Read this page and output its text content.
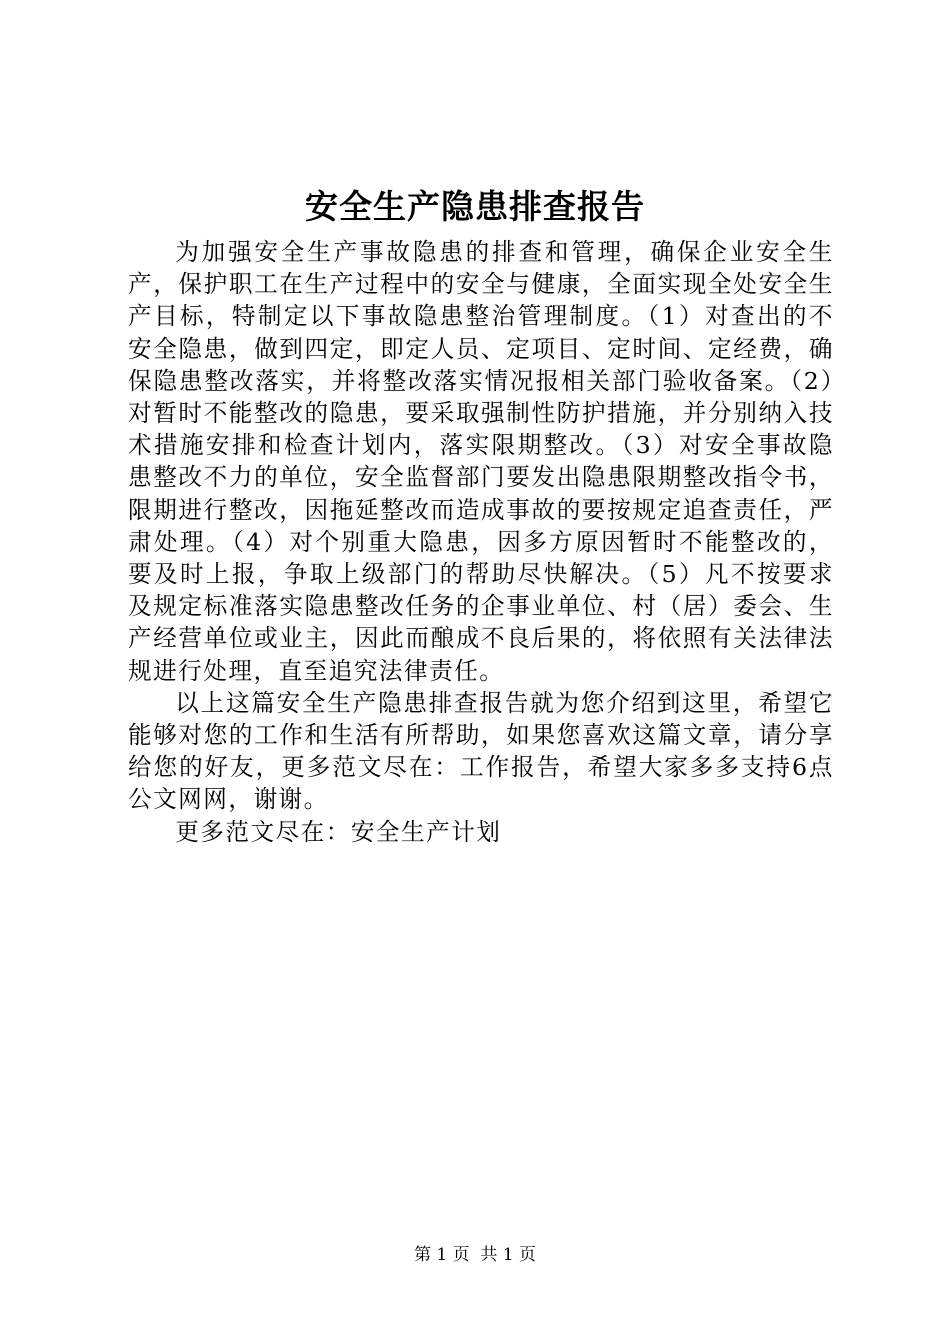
安全生产隐患排查报告

为加强安全生产事故隐患的排查和管理，确保企业安全生产，保护职工在生产过程中的安全与健康，全面实现全处安全生产目标，特制定以下事故隐患整治管理制度。（1）对查出的不安全隐患，做到四定，即定人员、定项目、定时间、定经费，确保隐患整改落实，并将整改落实情况报相关部门验收备案。（2）对暂时不能整改的隐患，要采取强制性防护措施，并分别纳入技术措施安排和检查计划内，落实限期整改。（3）对安全事故隐患整改不力的单位，安全监督部门要发出隐患限期整改指令书，限期进行整改，因拖延整改而造成事故的要按规定追查责任，严肃处理。（4）对个别重大隐患，因多方原因暂时不能整改的，要及时上报，争取上级部门的帮助尽快解决。（5）凡不按要求及规定标准落实隐患整改任务的企事业单位、村（居）委会、生产经营单位或业主，因此而酿成不良后果的，将依照有关法律法规进行处理，直至追究法律责任。

以上这篇安全生产隐患排查报告就为您介绍到这里，希望它能够对您的工作和生活有所帮助，如果您喜欢这篇文章，请分享给您的好友，更多范文尽在：工作报告，希望大家多多支持6点公文网网，谢谢。

更多范文尽在：安全生产计划

第 1 页 共 1 页
